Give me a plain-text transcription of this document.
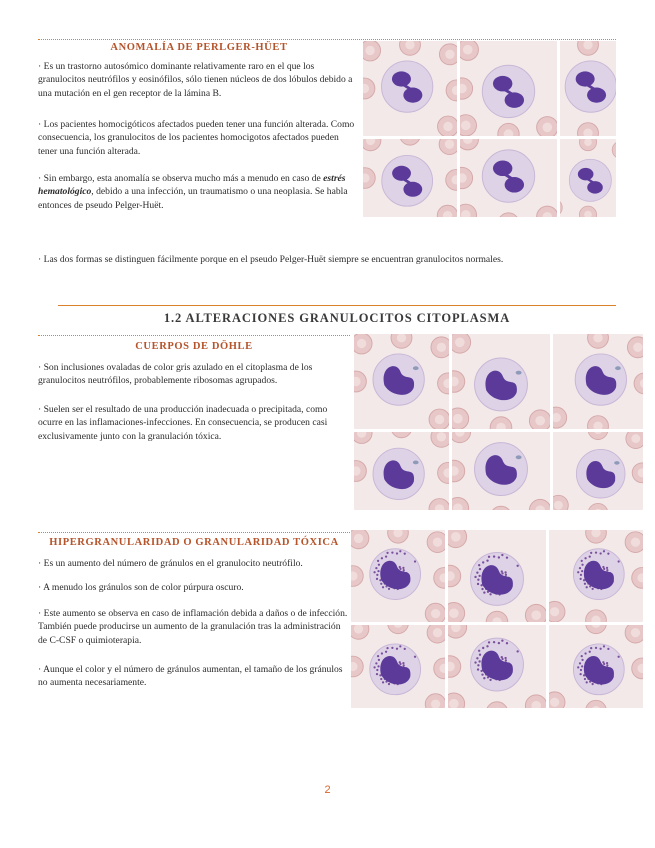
ANOMALÍA DE PERLGER-HÜET

· Es un trastorno autosómico dominante relativamente raro en el que los granulocitos neutrófilos y eosinófilos, sólo tienen núcleos de dos lóbulos debido a una mutación en el gen receptor de la lámina B.

· Los pacientes homocigóticos afectados pueden tener una función alterada. Como consecuencia, los granulocitos de los pacientes homocigotos afectados pueden tener una función alterada.

· Sin embargo, esta anomalía se observa mucho más a menudo en caso de estrés hematológico, debido a una infección, un traumatismo o una neoplasia. Se habla entonces de pseudo Pelger-Huët.

· Las dos formas se distinguen fácilmente porque en el pseudo Pelger-Huët siempre se encuentran granulocitos normales.

1.2 ALTERACIONES GRANULOCITOS CITOPLASMA
CUERPOS DE DÖHLE

· Son inclusiones ovaladas de color gris azulado en el citoplasma de los granulocitos neutrófilos, probablemente ribosomas agrupados.

· Suelen ser el resultado de una producción inadecuada o precipitada, como ocurre en las inflamaciones-infecciones. En consecuencia, se producen casi exclusivamente junto con la granulación tóxica.

HIPERGRANULARIDAD O GRANULARIDAD TÓXICA

· Es un aumento del número de gránulos en el granulocito neutrófilo.

· A menudo los gránulos son de color púrpura oscuro.

· Este aumento se observa en caso de inflamación debida a daños o de infección. También puede producirse un aumento de la granulación tras la administración de C-CSF o quimioterapia.

· Aunque el color y el número de gránulos aumentan, el tamaño de los gránulos no aumenta necesariamente.

2
